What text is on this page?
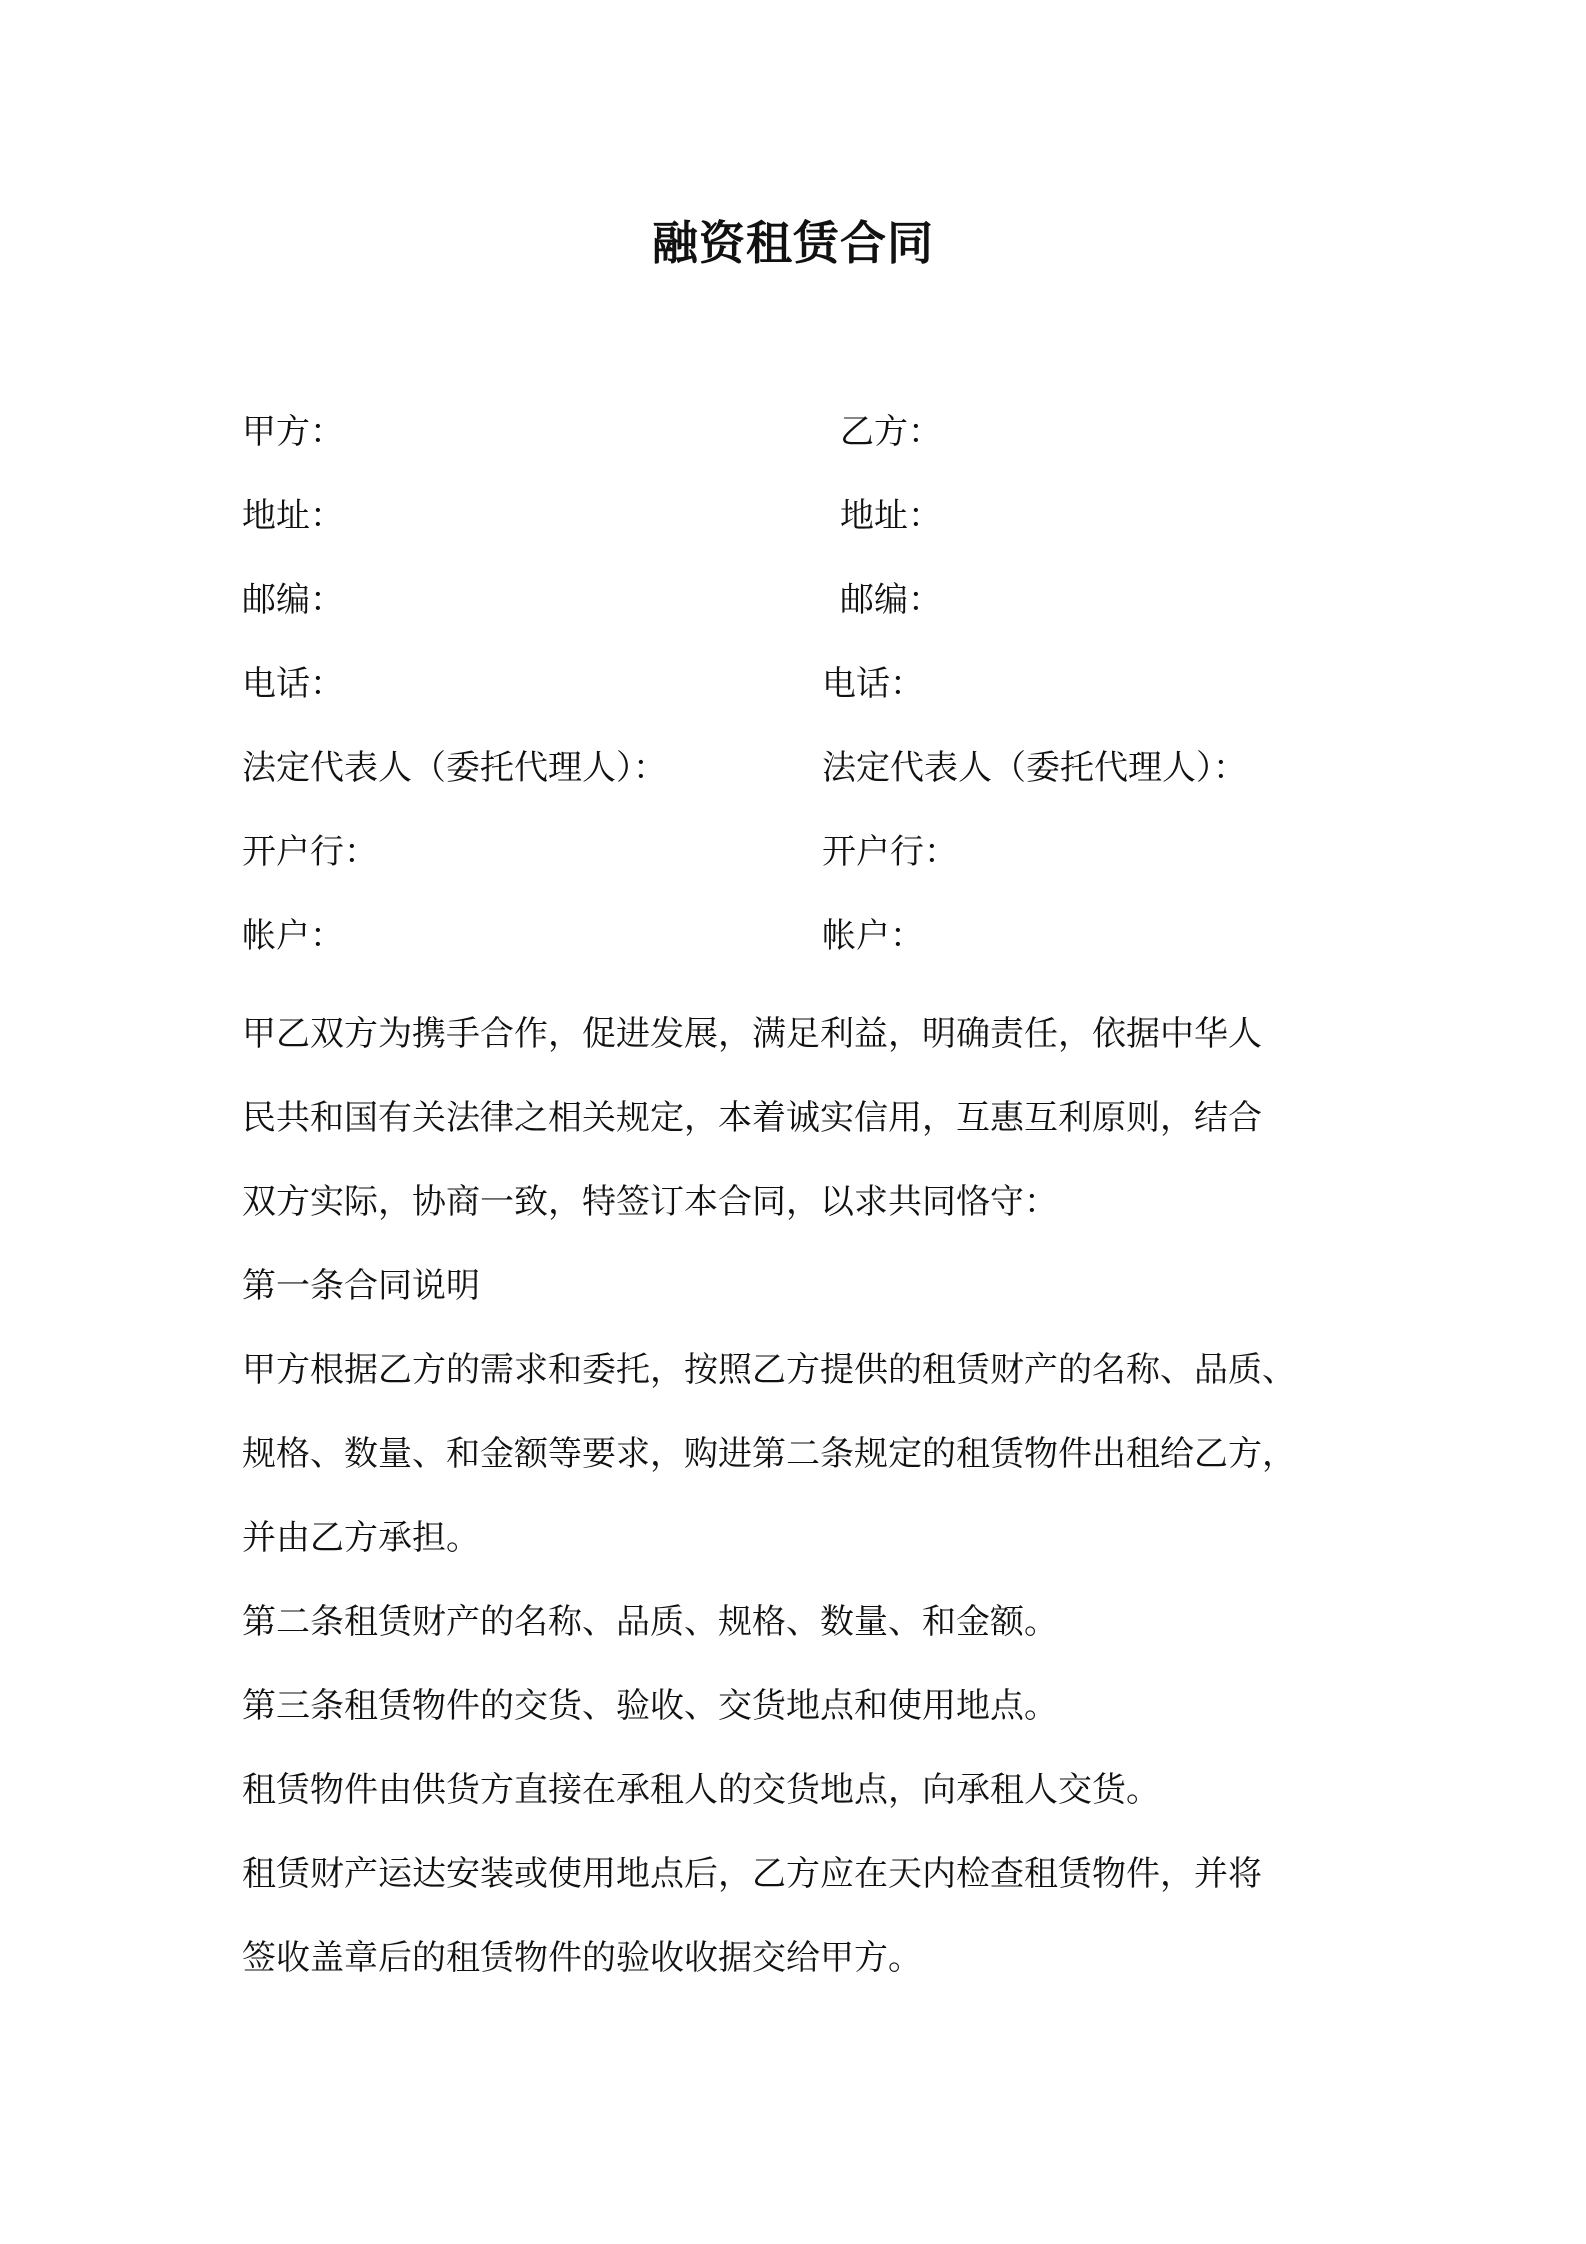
融资租赁合同
甲方：	乙方：
地址：	地址：
邮编：	邮编：
电话：	电话：
法定代表人（委托代理人）：	法定代表人（委托代理人）：
开户行：	开户行：
帐户：	帐户：

甲乙双方为携手合作，促进发展，满足利益，明确责任，依据中华人

民共和国有关法律之相关规定，本着诚实信用，互惠互利原则，结合

双方实际，协商一致，特签订本合同，以求共同恪守：

第一条合同说明

甲方根据乙方的需求和委托，按照乙方提供的租赁财产的名称、品质、

规格、数量、和金额等要求，购进第二条规定的租赁物件出租给乙方，

并由乙方承担。

第二条租赁财产的名称、品质、规格、数量、和金额。

第三条租赁物件的交货、验收、交货地点和使用地点。

租赁物件由供货方直接在承租人的交货地点，向承租人交货。

租赁财产运达安装或使用地点后，乙方应在天内检查租赁物件，并将

签收盖章后的租赁物件的验收收据交给甲方。
